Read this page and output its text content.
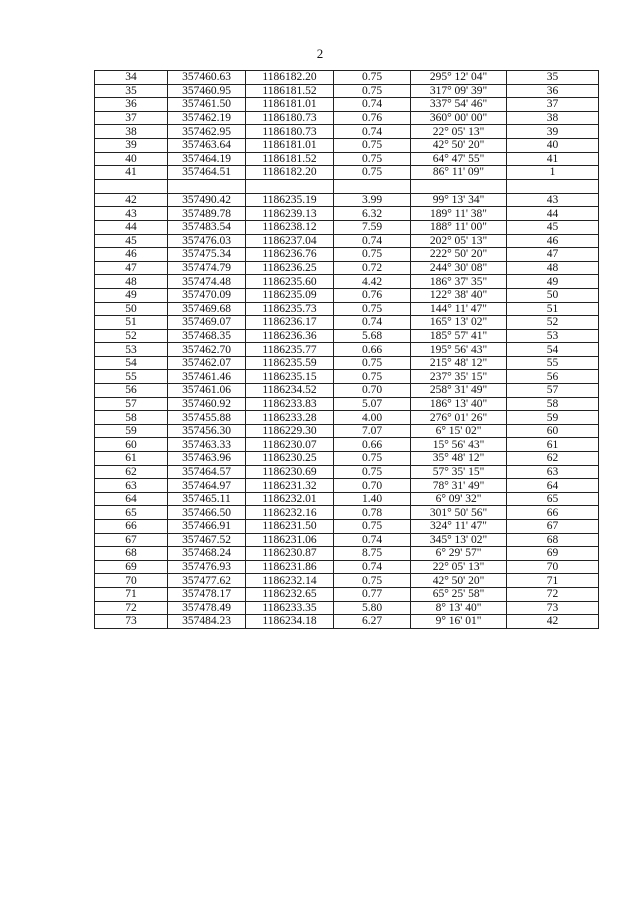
2
34	357460.63	1186182.20	0.75	295° 12' 04"	35
35	357460.95	1186181.52	0.75	317° 09' 39"	36
36	357461.50	1186181.01	0.74	337° 54' 46"	37
37	357462.19	1186180.73	0.76	360° 00' 00"	38
38	357462.95	1186180.73	0.74	22° 05' 13"	39
39	357463.64	1186181.01	0.75	42° 50' 20"	40
40	357464.19	1186181.52	0.75	64° 47' 55"	41
41	357464.51	1186182.20	0.75	86° 11' 09"	1

42	357490.42	1186235.19	3.99	99° 13' 34"	43
43	357489.78	1186239.13	6.32	189° 11' 38"	44
44	357483.54	1186238.12	7.59	188° 11' 00"	45
45	357476.03	1186237.04	0.74	202° 05' 13"	46
46	357475.34	1186236.76	0.75	222° 50' 20"	47
47	357474.79	1186236.25	0.72	244° 30' 08"	48
48	357474.48	1186235.60	4.42	186° 37' 35"	49
49	357470.09	1186235.09	0.76	122° 38' 40"	50
50	357469.68	1186235.73	0.75	144° 11' 47"	51
51	357469.07	1186236.17	0.74	165° 13' 02"	52
52	357468.35	1186236.36	5.68	185° 57' 41"	53
53	357462.70	1186235.77	0.66	195° 56' 43"	54
54	357462.07	1186235.59	0.75	215° 48' 12"	55
55	357461.46	1186235.15	0.75	237° 35' 15"	56
56	357461.06	1186234.52	0.70	258° 31' 49"	57
57	357460.92	1186233.83	5.07	186° 13' 40"	58
58	357455.88	1186233.28	4.00	276° 01' 26"	59
59	357456.30	1186229.30	7.07	6° 15' 02"	60
60	357463.33	1186230.07	0.66	15° 56' 43"	61
61	357463.96	1186230.25	0.75	35° 48' 12"	62
62	357464.57	1186230.69	0.75	57° 35' 15"	63
63	357464.97	1186231.32	0.70	78° 31' 49"	64
64	357465.11	1186232.01	1.40	6° 09' 32"	65
65	357466.50	1186232.16	0.78	301° 50' 56"	66
66	357466.91	1186231.50	0.75	324° 11' 47"	67
67	357467.52	1186231.06	0.74	345° 13' 02"	68
68	357468.24	1186230.87	8.75	6° 29' 57"	69
69	357476.93	1186231.86	0.74	22° 05' 13"	70
70	357477.62	1186232.14	0.75	42° 50' 20"	71
71	357478.17	1186232.65	0.77	65° 25' 58"	72
72	357478.49	1186233.35	5.80	8° 13' 40"	73
73	357484.23	1186234.18	6.27	9° 16' 01"	42
